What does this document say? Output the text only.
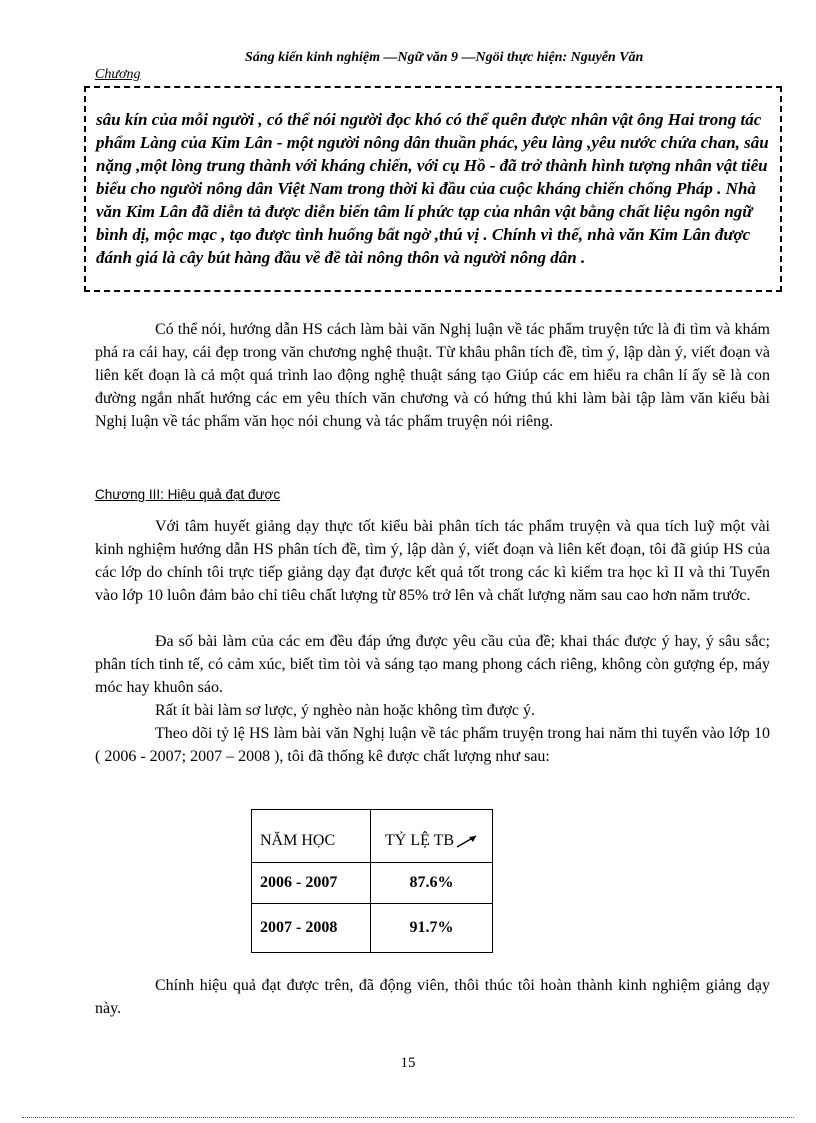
Sáng kiến kinh nghiệm —Ngữ văn 9 —Ngöi thực hiện: Nguyễn Văn
Chương
sâu kín của mỗi người , có thể nói người đọc khó có thể quên được nhân vật ông Hai trong tác phẩm Làng của Kim Lân - một người nông dân thuần phác, yêu làng ,yêu nước chứa chan, sâu nặng ,một lòng trung thành với kháng chiến, với cụ Hồ - đã trở thành hình tượng nhân vật tiêu biểu cho người nông dân Việt Nam trong thời kì đầu của cuộc kháng chiến chống Pháp . Nhà văn Kim Lân đã diễn tả được diễn biến tâm lí phức tạp của nhân vật bằng chất liệu ngôn ngữ bình dị, mộc mạc , tạo được tình huống bất ngờ ,thú vị . Chính vì thế, nhà văn Kim Lân được đánh giá là cây bút hàng đầu về đề tài nông thôn và người nông dân .

Có thể nói, hướng dẫn HS cách làm bài văn Nghị luận về tác phẩm truyện tức là đi tìm và khám phá ra cái hay, cái đẹp trong văn chương nghệ thuật. Từ khâu phân tích đề, tìm ý, lập dàn ý, viết đoạn và liên kết đoạn là cả một quá trình lao động nghệ thuật sáng tạo Giúp các em hiểu ra chân lí ấy sẽ là con đường ngắn nhất hướng các em yêu thích văn chương và có hứng thú khi làm bài tập làm văn kiểu bài Nghị luận về tác phẩm văn học nói chung và tác phẩm truyện nói riêng.

Chương III: Hiệu quả đạt được

Với tâm huyết giảng dạy thực tốt kiểu bài phân tích tác phẩm truyện và qua tích luỹ một vài kinh nghiệm hướng dẫn HS phân tích đề, tìm ý, lập dàn ý, viết đoạn và liên kết đoạn, tôi đã giúp HS của các lớp do chính tôi trực tiếp giảng dạy đạt được kết quả tốt trong các kì kiểm tra học kì II và thi Tuyển vào lớp 10 luôn đảm bảo chỉ tiêu chất lượng từ 85% trở lên và chất lượng năm sau cao hơn năm trước.

Đa số bài làm của các em đều đáp ứng được yêu cầu của đề; khai thác được ý hay, ý sâu sắc; phân tích tinh tế, có cảm xúc, biết tìm tòi và sáng tạo mang phong cách riêng, không còn gượng ép, máy móc hay khuôn sáo.

Rất ít bài làm sơ lược, ý nghèo nàn hoặc không tìm được ý.

Theo dõi tỷ lệ HS làm bài văn Nghị luận về tác phẩm truyện trong hai năm thi tuyển vào lớp 10 ( 2006 - 2007; 2007 – 2008 ), tôi đã thống kê được chất lượng như sau:

NĂM HỌC	TỶ LỆ TB
2006 - 2007	87.6%
2007 - 2008	91.7%

Chính hiệu quả đạt được trên, đã động viên, thôi thúc tôi hoàn thành kinh nghiệm giảng dạy này.

15
